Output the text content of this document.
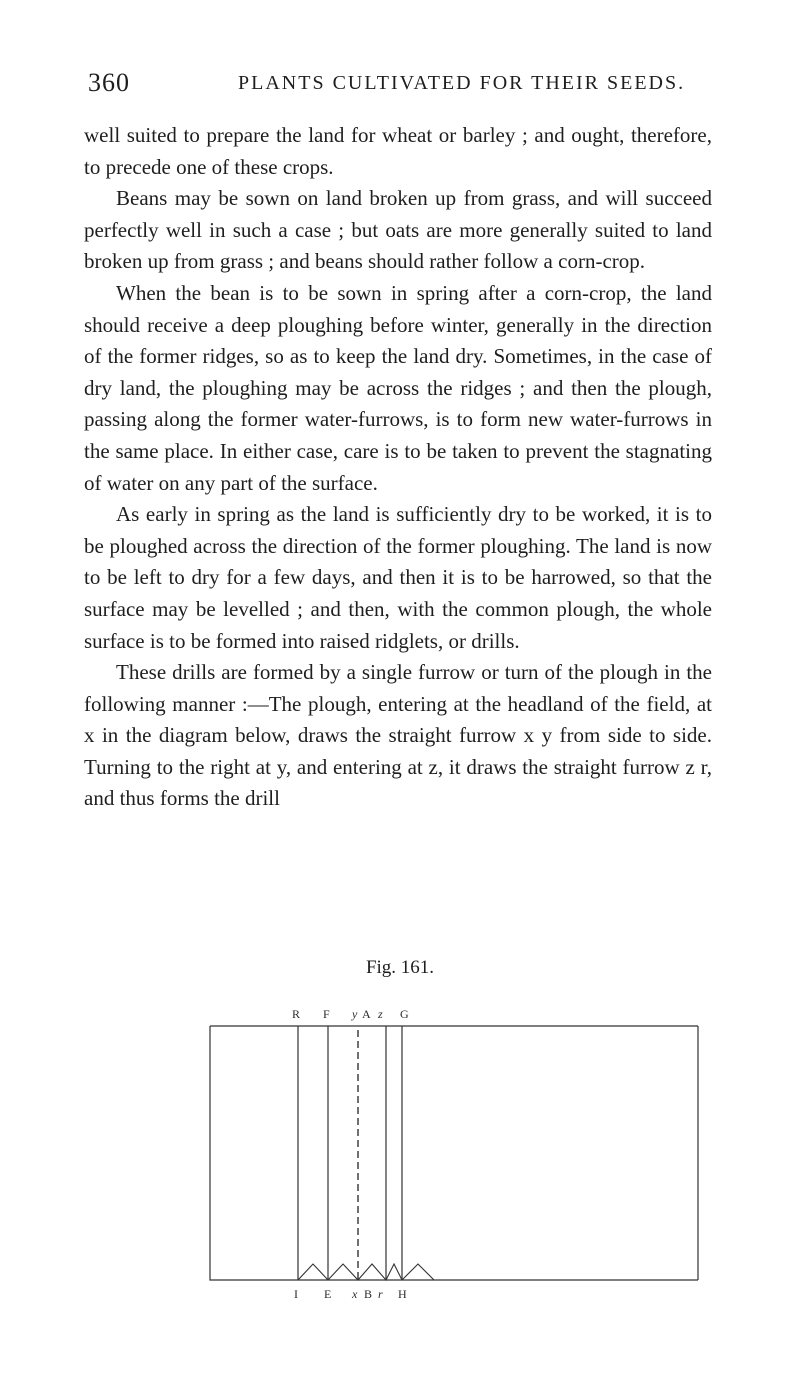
360	PLANTS CULTIVATED FOR THEIR SEEDS.

well suited to prepare the land for wheat or barley ; and ought, therefore, to precede one of these crops.

Beans may be sown on land broken up from grass, and will succeed perfectly well in such a case ; but oats are more generally suited to land broken up from grass ; and beans should rather follow a corn-crop.

When the bean is to be sown in spring after a corn-crop, the land should receive a deep ploughing before winter, generally in the direction of the former ridges, so as to keep the land dry. Sometimes, in the case of dry land, the ploughing may be across the ridges ; and then the plough, passing along the former water-furrows, is to form new water-furrows in the same place. In either case, care is to be taken to prevent the stagnating of water on any part of the surface.

As early in spring as the land is sufficiently dry to be worked, it is to be ploughed across the direction of the former ploughing. The land is now to be left to dry for a few days, and then it is to be harrowed, so that the surface may be levelled ; and then, with the common plough, the whole surface is to be formed into raised ridglets, or drills.

These drills are formed by a single furrow or turn of the plough in the following manner :—The plough, entering at the headland of the field, at x in the diagram below, draws the straight furrow x y from side to side. Turning to the right at y, and entering at z, it draws the straight furrow z r, and thus forms the drill

Fig. 161.
R F y A z G
I E x B r H
